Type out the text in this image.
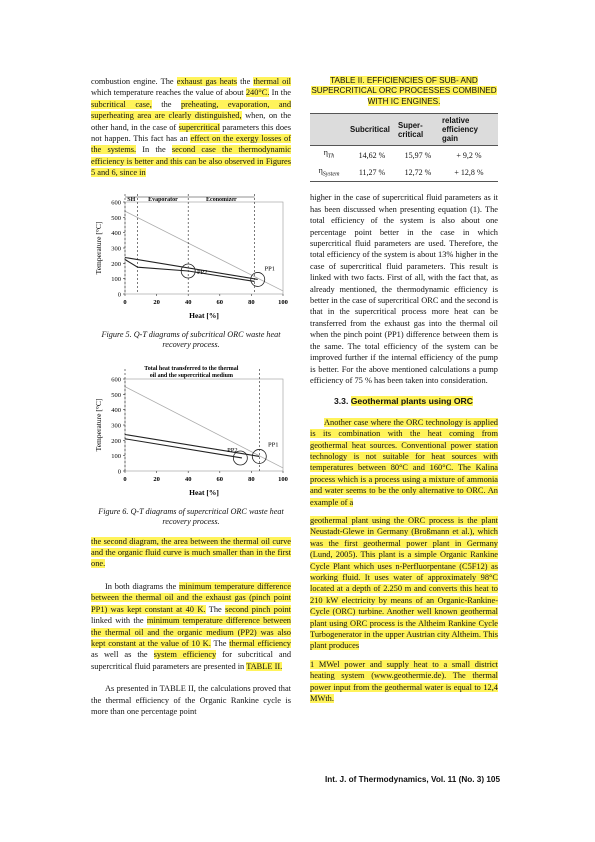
combustion engine. The exhaust gas heats the thermal oil which temperature reaches the value of about 240°C. In the subcritical case, the preheating, evaporation, and superheating area are clearly distinguished, when, on the other hand, in the case of supercritical parameters this does not happen. This fact has an effect on the exergy losses of the systems. In the second case the thermodynamic efficiency is better and this can be also observed in Figures 5 and 6, since in

0
100
200
300
400
500
600
0	20	40	60	80	100
Heat [%]
Temperature [°C]	PP2
PP1
SH Evaporator	Economizer

Figure 5. Q-T diagrams of subcritical ORC waste heat recovery process.

0
100
200
300
400
500
600
0	20	40	60	80	100
Heat [%]
Temperature [°C]	PP2
PP1
Total heat transferred to the thermal
oil and the supercritical medium

Figure 6. Q-T diagrams of supercritical ORC waste heat recovery process.

the second diagram, the area between the thermal oil curve and the organic fluid curve is much smaller than in the first one.

In both diagrams the minimum temperature difference between the thermal oil and the exhaust gas (pinch point PP1) was kept constant at 40 K. The second pinch point linked with the minimum temperature difference between the thermal oil and the organic medium (PP2) was also kept constant at the value of 10 K. The thermal efficiency as well as the system efficiency for subcritical and supercritical fluid parameters are presented in TABLE II.

As presented in TABLE II, the calculations proved that the thermal efficiency of the Organic Rankine cycle is more than one percentage point

TABLE II. EFFICIENCIES OF SUB- AND SUPERCRITICAL ORC PROCESSES COMBINED WITH IC ENGINES.

	Subcritical	Super-critical	relative efficiency gain
$\eta_{Th}$	14,62 %	15,97 %	+ 9,2 %
$\eta_{System}$	11,27 %	12,72 %	+ 12,8 %

higher in the case of supercritical fluid parameters as it has been discussed when presenting equation (1). The total efficiency of the system is also about one percentage point better in the case in which supercritical fluid parameters are used. Therefore, the total efficiency of the system is about 13% higher in the case of supercritical fluid parameters. This result is linked with two facts. First of all, with the fact that, as already mentioned, the thermodynamic efficiency is better in the case of supercritical ORC and the second is that in the supercritical process more heat can be transferred from the exhaust gas into the thermal oil when the pinch point (PP1) difference between them is the same. The total efficiency of the system can be improved further if the internal efficiency of the pump is better. For the above mentioned calculations a pump efficiency of 75 % has been taken into consideration.

3.3. Geothermal plants using ORC

Another case where the ORC technology is applied is its combination with the heat coming from geothermal heat sources. Conventional power station technology is not suitable for heat sources with temperatures between 80°C and 160°C. The Kalina process which is a process using a mixture of ammonia and water seems to be the only alternative to ORC. An example of a

geothermal plant using the ORC process is the plant Neustadt-Glewe in Germany (Broßmann et al.), which was the first geothermal power plant in Germany (Lund, 2005). This plant is a simple Organic Rankine Cycle Plant which uses n-Perfluorpentane (C5F12) as working fluid. It uses water of approximately 98°C located at a depth of 2.250 m and converts this heat to 210 kW electricity by means of an Organic-Rankine-Cycle (ORC) turbine. Another well known geothermal plant using ORC process is the Altheim Rankine Cycle Turbogenerator in the upper Austrian city Altheim. This plant produces

1 MWel power and supply heat to a small district heating system (www.geothermie.de). The thermal power input from the geothermal water is equal to 12,4 MWth.

Int. J. of Thermodynamics, Vol. 11 (No. 3) 105
